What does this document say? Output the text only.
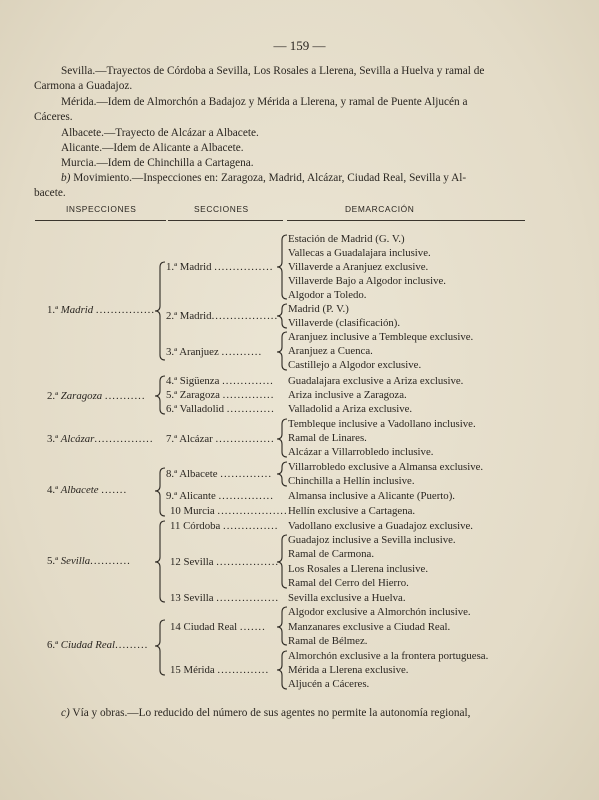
— 159 —
Sevilla.—Trayectos de Córdoba a Sevilla, Los Rosales a Llerena, Sevilla a Huelva y ramal de
Carmona a Guadajoz.
Mérida.—Idem de Almorchón a Badajoz y Mérida a Llerena, y ramal de Puente Aljucén a
Cáceres.
Albacete.—Trayecto de Alcázar a Albacete.
Alicante.—Idem de Alicante a Albacete.
Murcia.—Idem de Chinchilla a Cartagena.
b) Movimiento.—Inspecciones en: Zaragoza, Madrid, Alcázar, Ciudad Real, Sevilla y Al-
bacete.
INSPECCIONES	SECCIONES	DEMARCACIÓN
1.ª Madrid ................
2.ª Zaragoza ...........
3.ª Alcázar................
4.ª Albacete .......
5.ª Sevilla...........
6.ª Ciudad Real.........
1.ª Madrid ................
2.ª Madrid..................
3.ª Aranjuez ...........
4.ª Sigüenza ..............
5.ª Zaragoza ..............
6.ª Valladolid .............
7.ª Alcázar ................
8.ª Albacete ..............
9.ª Alicante ...............
10 Murcia ...................
11 Córdoba ...............
12 Sevilla .................
13 Sevilla .................
14 Ciudad Real .......
15 Mérida ..............
Estación de Madrid (G. V.)
Vallecas a Guadalajara inclusive.
Villaverde a Aranjuez exclusive.
Villaverde Bajo a Algodor inclusive.
Algodor a Toledo.
Madrid (P. V.)
Villaverde (clasificación).
Aranjuez inclusive a Tembleque exclusive.
Aranjuez a Cuenca.
Castillejo a Algodor exclusive.
Guadalajara exclusive a Ariza exclusive.
Ariza inclusive a Zaragoza.
Valladolid a Ariza exclusive.
Tembleque inclusive a Vadollano inclusive.
Ramal de Linares.
Alcázar a Villarrobledo inclusive.
Villarrobledo exclusive a Almansa exclusive.
Chinchilla a Hellín inclusive.
Almansa inclusive a Alicante (Puerto).
Hellín exclusive a Cartagena.
Vadollano exclusive a Guadajoz exclusive.
Guadajoz inclusive a Sevilla inclusive.
Ramal de Carmona.
Los Rosales a Llerena inclusive.
Ramal del Cerro del Hierro.
Sevilla exclusive a Huelva.
Algodor exclusive a Almorchón inclusive.
Manzanares exclusive a Ciudad Real.
Ramal de Bélmez.
Almorchón exclusive a la frontera portuguesa.
Mérida a Llerena exclusive.
Aljucén a Cáceres.
c) Vía y obras.—Lo reducido del número de sus agentes no permite la autonomía regional,
